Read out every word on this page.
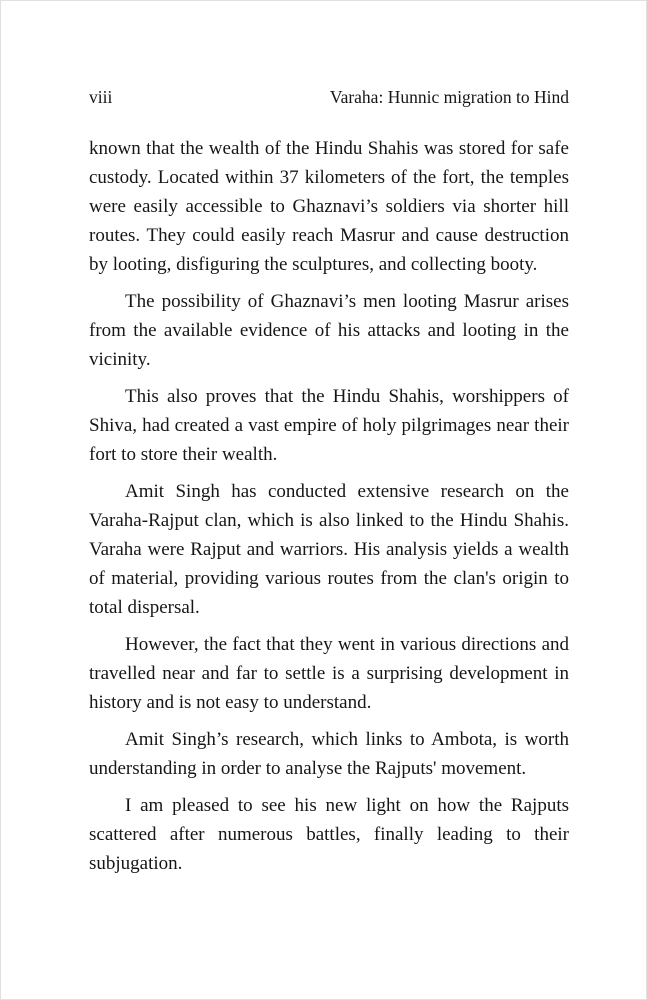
viii	Varaha: Hunnic migration to Hind

known that the wealth of the Hindu Shahis was stored for safe custody. Located within 37 kilometers of the fort, the temples were easily accessible to Ghaznavi’s soldiers via shorter hill routes. They could easily reach Masrur and cause destruction by looting, disfiguring the sculptures, and collecting booty.

The possibility of Ghaznavi’s men looting Masrur arises from the available evidence of his attacks and looting in the vicinity.

This also proves that the Hindu Shahis, worshippers of Shiva, had created a vast empire of holy pilgrimages near their fort to store their wealth.

Amit Singh has conducted extensive research on the Varaha-Rajput clan, which is also linked to the Hindu Shahis. Varaha were Rajput and warriors. His analysis yields a wealth of material, providing various routes from the clan's origin to total dispersal.

However, the fact that they went in various directions and travelled near and far to settle is a surprising development in history and is not easy to understand.

Amit Singh’s research, which links to Ambota, is worth understanding in order to analyse the Rajputs' movement.

I am pleased to see his new light on how the Rajputs scattered after numerous battles, finally leading to their subjugation.
